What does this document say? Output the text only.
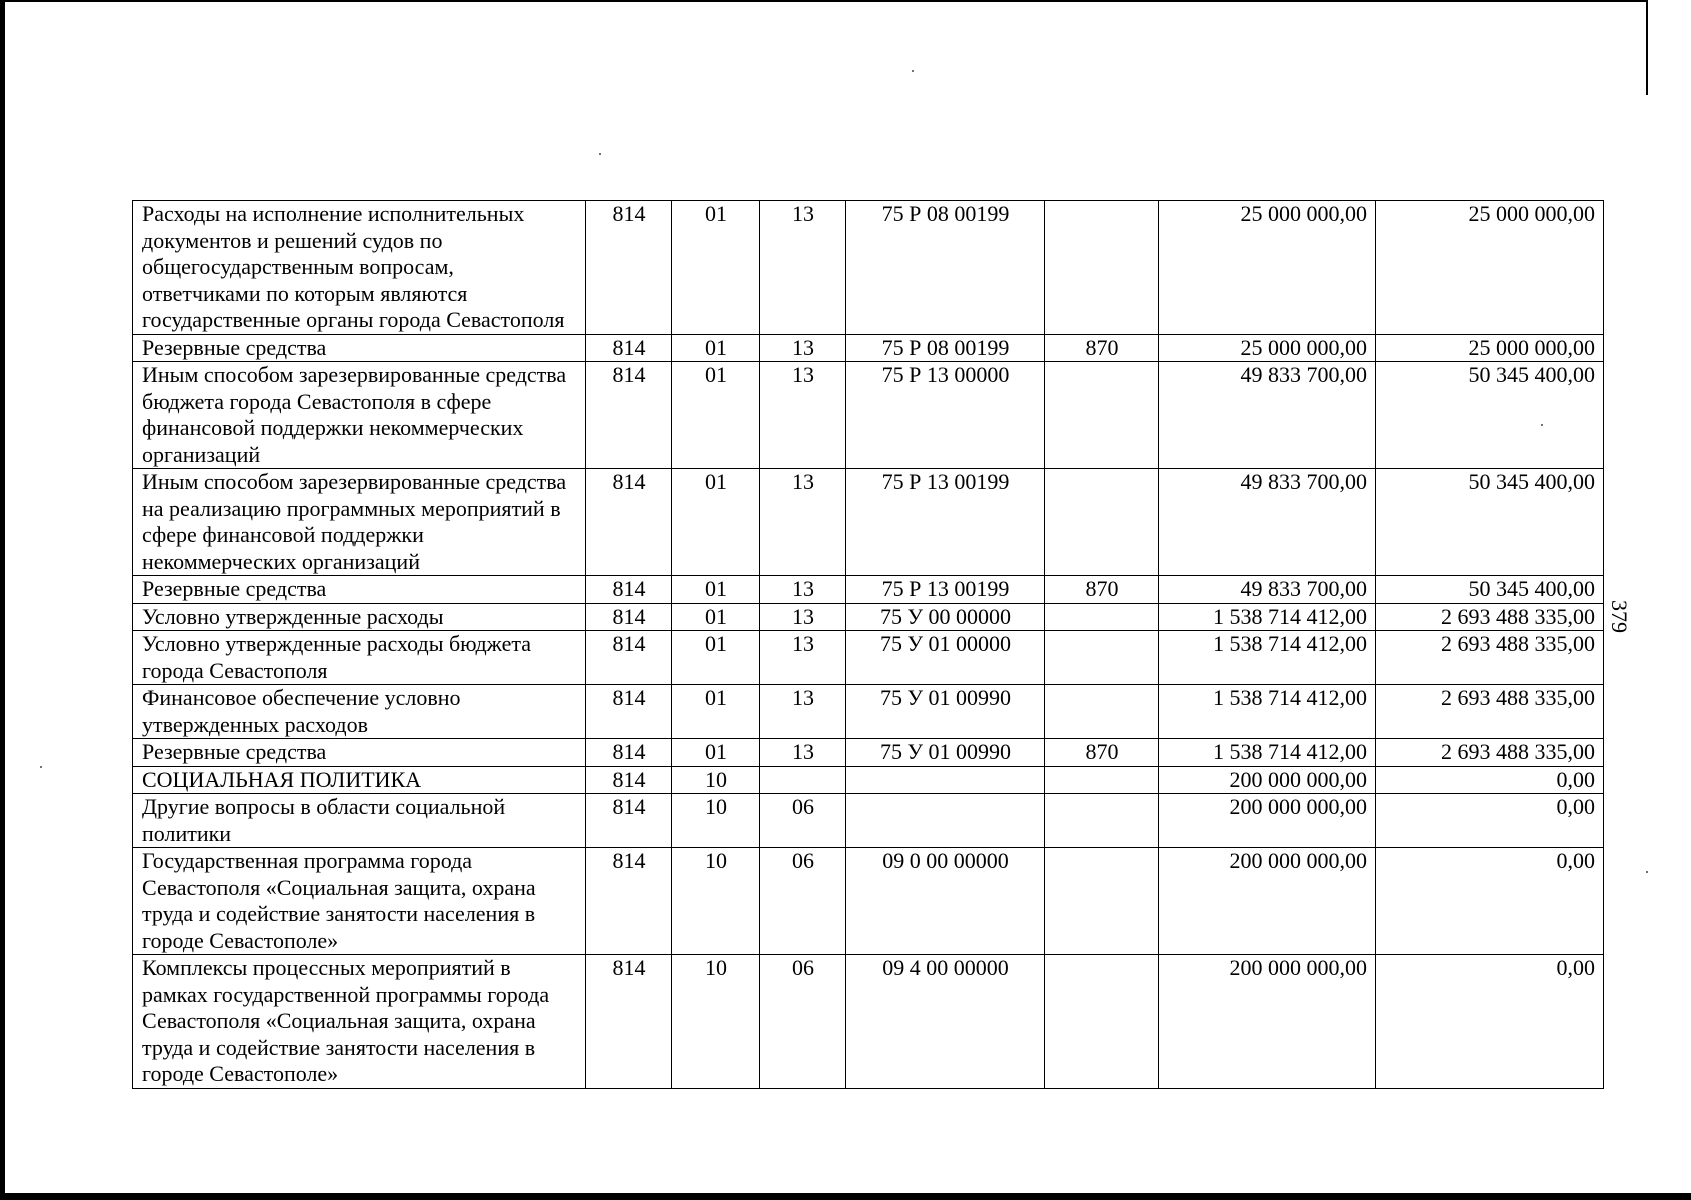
379
Расходы на исполнение исполнительных документов и решений судов по общегосударственным вопросам, ответчиками по которым являются государственные органы города Севастополя	814	01	13	75 Р 08 00199		25 000 000,00	25 000 000,00
Резервные средства	814	01	13	75 Р 08 00199	870	25 000 000,00	25 000 000,00
Иным способом зарезервированные средства бюджета города Севастополя в сфере финансовой поддержки некоммерческих организаций	814	01	13	75 Р 13 00000		49 833 700,00	50 345 400,00
Иным способом зарезервированные средства на реализацию программных мероприятий в сфере финансовой поддержки некоммерческих организаций	814	01	13	75 Р 13 00199		49 833 700,00	50 345 400,00
Резервные средства	814	01	13	75 Р 13 00199	870	49 833 700,00	50 345 400,00
Условно утвержденные расходы	814	01	13	75 У 00 00000		1 538 714 412,00	2 693 488 335,00
Условно утвержденные расходы бюджета города Севастополя	814	01	13	75 У 01 00000		1 538 714 412,00	2 693 488 335,00
Финансовое обеспечение условно утвержденных расходов	814	01	13	75 У 01 00990		1 538 714 412,00	2 693 488 335,00
Резервные средства	814	01	13	75 У 01 00990	870	1 538 714 412,00	2 693 488 335,00
СОЦИАЛЬНАЯ ПОЛИТИКА	814	10				200 000 000,00	0,00
Другие вопросы в области социальной политики	814	10	06			200 000 000,00	0,00
Государственная программа города Севастополя «Социальная защита, охрана труда и содействие занятости населения в городе Севастополе»	814	10	06	09 0 00 00000		200 000 000,00	0,00
Комплексы процессных мероприятий в рамках государственной программы города Севастополя «Социальная защита, охрана труда и содействие занятости населения в городе Севастополе»	814	10	06	09 4 00 00000		200 000 000,00	0,00
